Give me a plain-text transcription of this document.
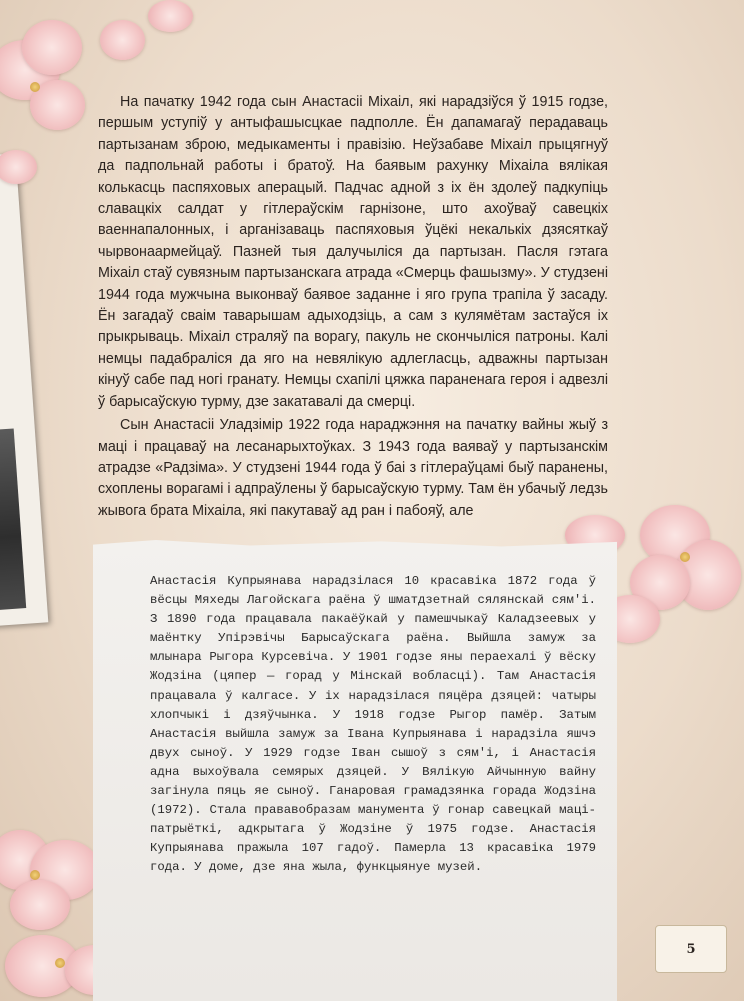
На пачатку 1942 года сын Анастасіі Міхаіл, які нарадзіўся ў 1915 годзе, першым уступіў у антыфашысцкае падполле. Ён дапамагаў перадаваць партызанам зброю, медыкаменты і правізію. Неўзабаве Міхаіл прыцягнуў да падпольнай работы і братоў. На баявым рахунку Міхаіла вялікая колькасць паспяховых аперацый. Падчас адной з іх ён здолеў падкупіць славацкіх салдат у гітлераўскім гарнізоне, што ахоўваў савецкіх ваеннапалонных, і арганізаваць паспяховыя ўцёкі некалькіх дзясяткаў чырвонаармейцаў. Пазней тыя далучыліся да партызан. Пасля гэтага Міхаіл стаў сувязным партызанскага атрада «Смерць фашызму». У студзені 1944 года мужчына выконваў баявое заданне і яго група трапіла ў засаду. Ён загадаў сваім таварышам адыходзіць, а сам з кулямётам застаўся іх прыкрываць. Міхаіл страляў па ворагу, пакуль не скончыліся патроны. Калі немцы падабраліся да яго на невялікую адлегласць, адважны партызан кінуў сабе пад ногі гранату. Немцы схапілі цяжка параненага героя і адвезлі ў барысаўскую турму, дзе закатавалі да смерці.

Сын Анастасіі Уладзімір 1922 года нараджэння на пачатку вайны жыў з маці і працаваў на лесанарыхтоўках. З 1943 года ваяваў у партызанскім атрадзе «Радзіма». У студзені 1944 года ў баі з гітлераўцамі быў паранены, схоплены ворагамі і адпраўлены ў барысаўскую турму. Там ён убачыў ледзь жывога брата Міхаіла, які пакутаваў ад ран і пабояў, але

Анастасія Купрыянава нарадзілася 10 красавіка 1872 года ў вёсцы Мяхеды Лагойскага раёна ў шматдзетнай сялянскай сям'і. З 1890 года працавала пакаёўкай у памешчыкаў Каладзеевых у маёнтку Упірэвічы Барысаўскага раёна. Выйшла замуж за млынара Рыгора Курсевіча. У 1901 годзе яны пераехалі ў вёску Жодзіна (цяпер — горад у Мінскай вобласці). Там Анастасія працавала ў калгасе. У іх нарадзілася пяцёра дзяцей: чатыры хлопчыкі і дзяўчынка. У 1918 годзе Рыгор памёр. Затым Анастасія выйшла замуж за Івана Купрыянава і нарадзіла яшчэ двух сыноў. У 1929 годзе Іван сышоў з сям'і, і Анастасія адна выхоўвала семярых дзяцей. У Вялікую Айчынную вайну загінула пяць яе сыноў. Ганаровая грамадзянка горада Жодзіна (1972). Стала прававобразам манумента ў гонар савецкай маці-патрыёткі, адкрытага ў Жодзіне ў 1975 годзе. Анастасія Купрыянава пражыла 107 гадоў. Памерла 13 красавіка 1979 года. У доме, дзе яна жыла, функцыянуе музей.

5
